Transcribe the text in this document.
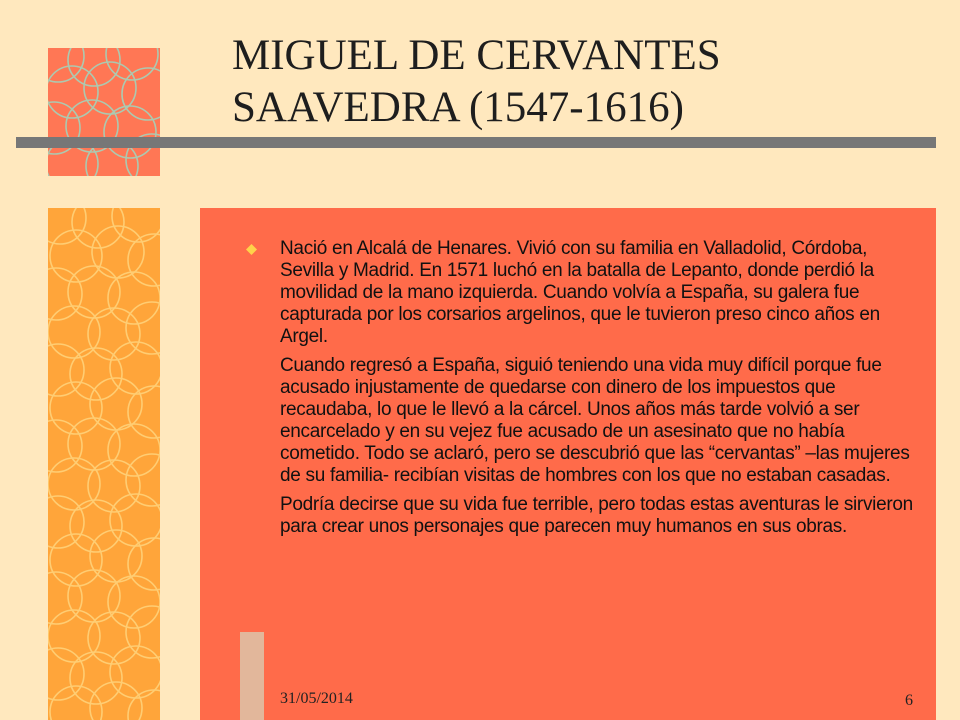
MIGUEL DE CERVANTES
SAAVEDRA (1547-1616)

Nació en Alcalá de Henares. Vivió con su familia en Valladolid, Córdoba, Sevilla y Madrid. En 1571 luchó en la batalla de Lepanto, donde perdió la movilidad de la mano izquierda. Cuando volvía a España, su galera fue capturada por los corsarios argelinos, que le tuvieron preso cinco años en Argel.

Cuando regresó a España, siguió teniendo una vida muy difícil porque fue acusado injustamente de quedarse con dinero de los impuestos que recaudaba, lo que le llevó a la cárcel. Unos años más tarde volvió a ser encarcelado y en su vejez fue acusado de un asesinato que no había cometido. Todo se aclaró, pero se descubrió que las “cervantas” –las mujeres de su familia- recibían visitas de hombres con los que no estaban casadas.

Podría decirse que su vida fue terrible, pero todas estas aventuras le sirvieron para crear unos personajes que parecen muy humanos en sus obras.

31/05/2014	6
